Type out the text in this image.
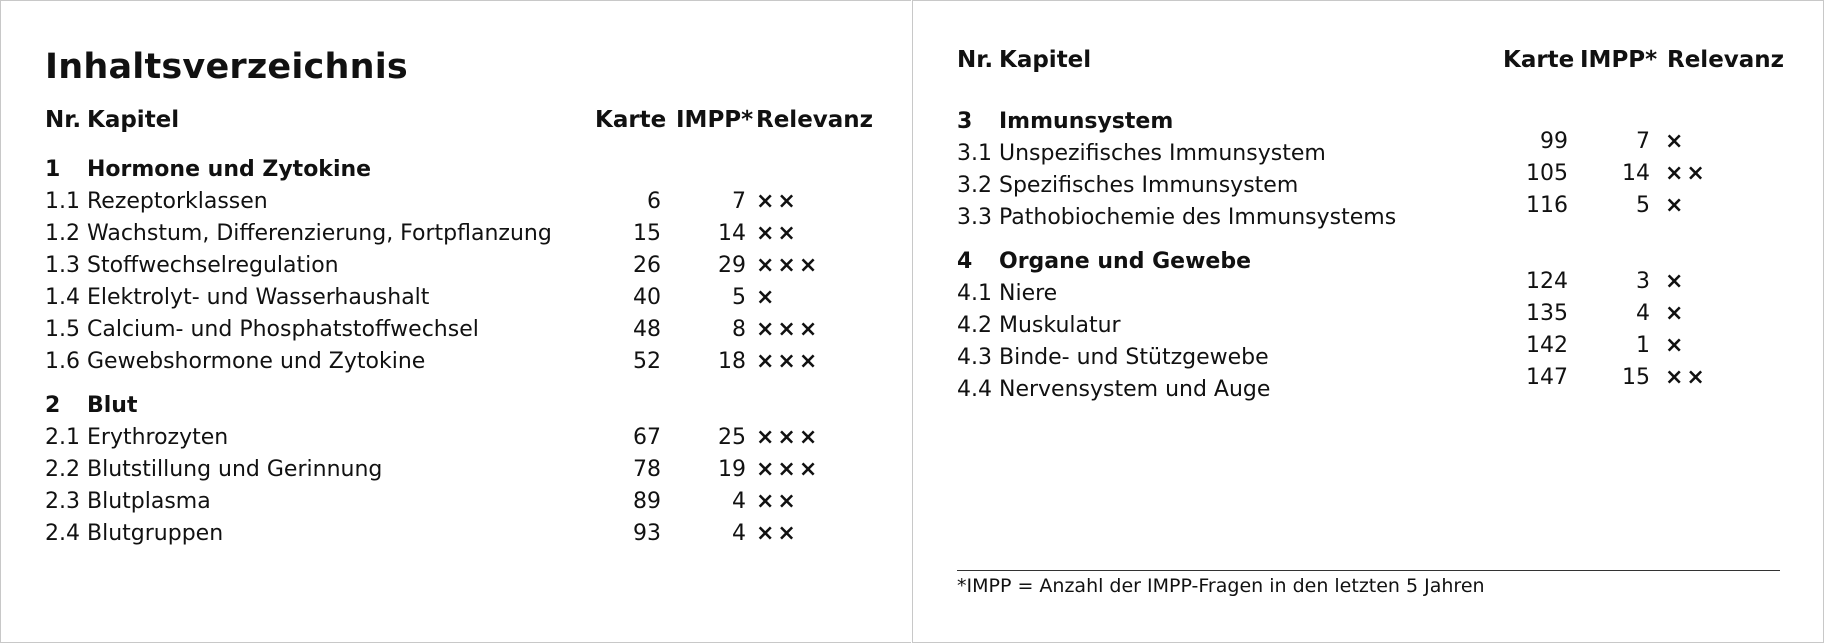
Inhaltsverzeichnis
Nr. Kapitel	Karte IMPP* Relevanz
1 Hormone und Zytokine
1.1 Rezeptorklassen	6	7 ××
1.2 Wachstum, Differenzierung, Fortpflanzung	15	14 ××
1.3 Stoffwechselregulation	26	29 ×××
1.4 Elektrolyt- und Wasserhaushalt	40	5 ×
1.5 Calcium- und Phosphatstoffwechsel	48	8 ×××
1.6 Gewebshormone und Zytokine	52	18 ×××
2 Blut
2.1 Erythrozyten	67	25 ×××
2.2 Blutstillung und Gerinnung	78	19 ×××
2.3 Blutplasma	89	4 ××
2.4 Blutgruppen	93	4 ××
Nr. Kapitel	Karte IMPP* Relevanz
3 Immunsystem
3.1 Unspezifisches Immunsystem	99	7 ×
3.2 Spezifisches Immunsystem	105	14 ××
3.3 Pathobiochemie des Immunsystems	116	5 ×
4 Organe und Gewebe
4.1 Niere	124	3 ×
4.2 Muskulatur	135	4 ×
4.3 Binde- und Stützgewebe	142	1 ×
4.4 Nervensystem und Auge	147	15 ××
*IMPP = Anzahl der IMPP-Fragen in den letzten 5 Jahren
